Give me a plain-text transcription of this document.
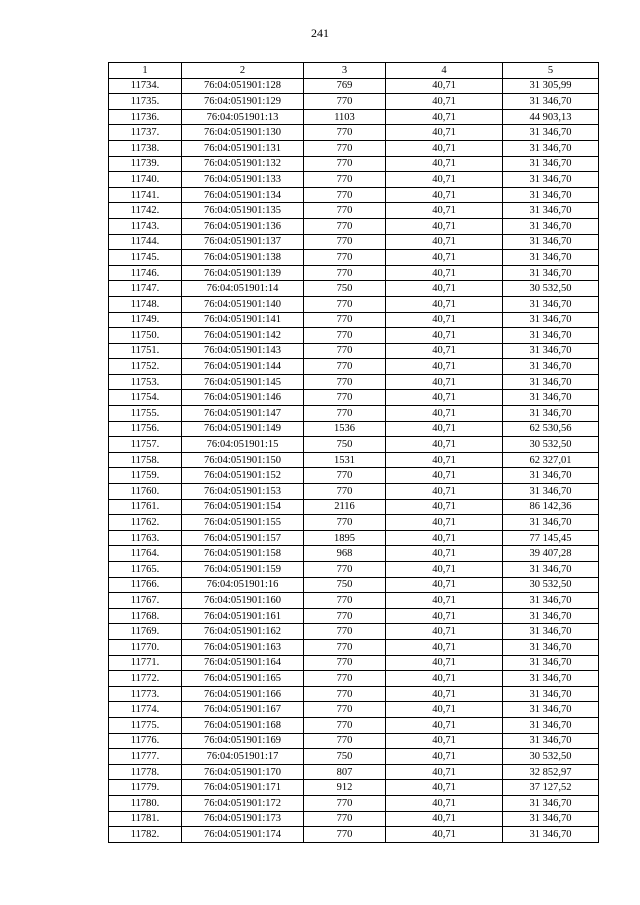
241
1	2	3	4	5
11734.	76:04:051901:128	769	40,71	31 305,99
11735.	76:04:051901:129	770	40,71	31 346,70
11736.	76:04:051901:13	1103	40,71	44 903,13
11737.	76:04:051901:130	770	40,71	31 346,70
11738.	76:04:051901:131	770	40,71	31 346,70
11739.	76:04:051901:132	770	40,71	31 346,70
11740.	76:04:051901:133	770	40,71	31 346,70
11741.	76:04:051901:134	770	40,71	31 346,70
11742.	76:04:051901:135	770	40,71	31 346,70
11743.	76:04:051901:136	770	40,71	31 346,70
11744.	76:04:051901:137	770	40,71	31 346,70
11745.	76:04:051901:138	770	40,71	31 346,70
11746.	76:04:051901:139	770	40,71	31 346,70
11747.	76:04:051901:14	750	40,71	30 532,50
11748.	76:04:051901:140	770	40,71	31 346,70
11749.	76:04:051901:141	770	40,71	31 346,70
11750.	76:04:051901:142	770	40,71	31 346,70
11751.	76:04:051901:143	770	40,71	31 346,70
11752.	76:04:051901:144	770	40,71	31 346,70
11753.	76:04:051901:145	770	40,71	31 346,70
11754.	76:04:051901:146	770	40,71	31 346,70
11755.	76:04:051901:147	770	40,71	31 346,70
11756.	76:04:051901:149	1536	40,71	62 530,56
11757.	76:04:051901:15	750	40,71	30 532,50
11758.	76:04:051901:150	1531	40,71	62 327,01
11759.	76:04:051901:152	770	40,71	31 346,70
11760.	76:04:051901:153	770	40,71	31 346,70
11761.	76:04:051901:154	2116	40,71	86 142,36
11762.	76:04:051901:155	770	40,71	31 346,70
11763.	76:04:051901:157	1895	40,71	77 145,45
11764.	76:04:051901:158	968	40,71	39 407,28
11765.	76:04:051901:159	770	40,71	31 346,70
11766.	76:04:051901:16	750	40,71	30 532,50
11767.	76:04:051901:160	770	40,71	31 346,70
11768.	76:04:051901:161	770	40,71	31 346,70
11769.	76:04:051901:162	770	40,71	31 346,70
11770.	76:04:051901:163	770	40,71	31 346,70
11771.	76:04:051901:164	770	40,71	31 346,70
11772.	76:04:051901:165	770	40,71	31 346,70
11773.	76:04:051901:166	770	40,71	31 346,70
11774.	76:04:051901:167	770	40,71	31 346,70
11775.	76:04:051901:168	770	40,71	31 346,70
11776.	76:04:051901:169	770	40,71	31 346,70
11777.	76:04:051901:17	750	40,71	30 532,50
11778.	76:04:051901:170	807	40,71	32 852,97
11779.	76:04:051901:171	912	40,71	37 127,52
11780.	76:04:051901:172	770	40,71	31 346,70
11781.	76:04:051901:173	770	40,71	31 346,70
11782.	76:04:051901:174	770	40,71	31 346,70
